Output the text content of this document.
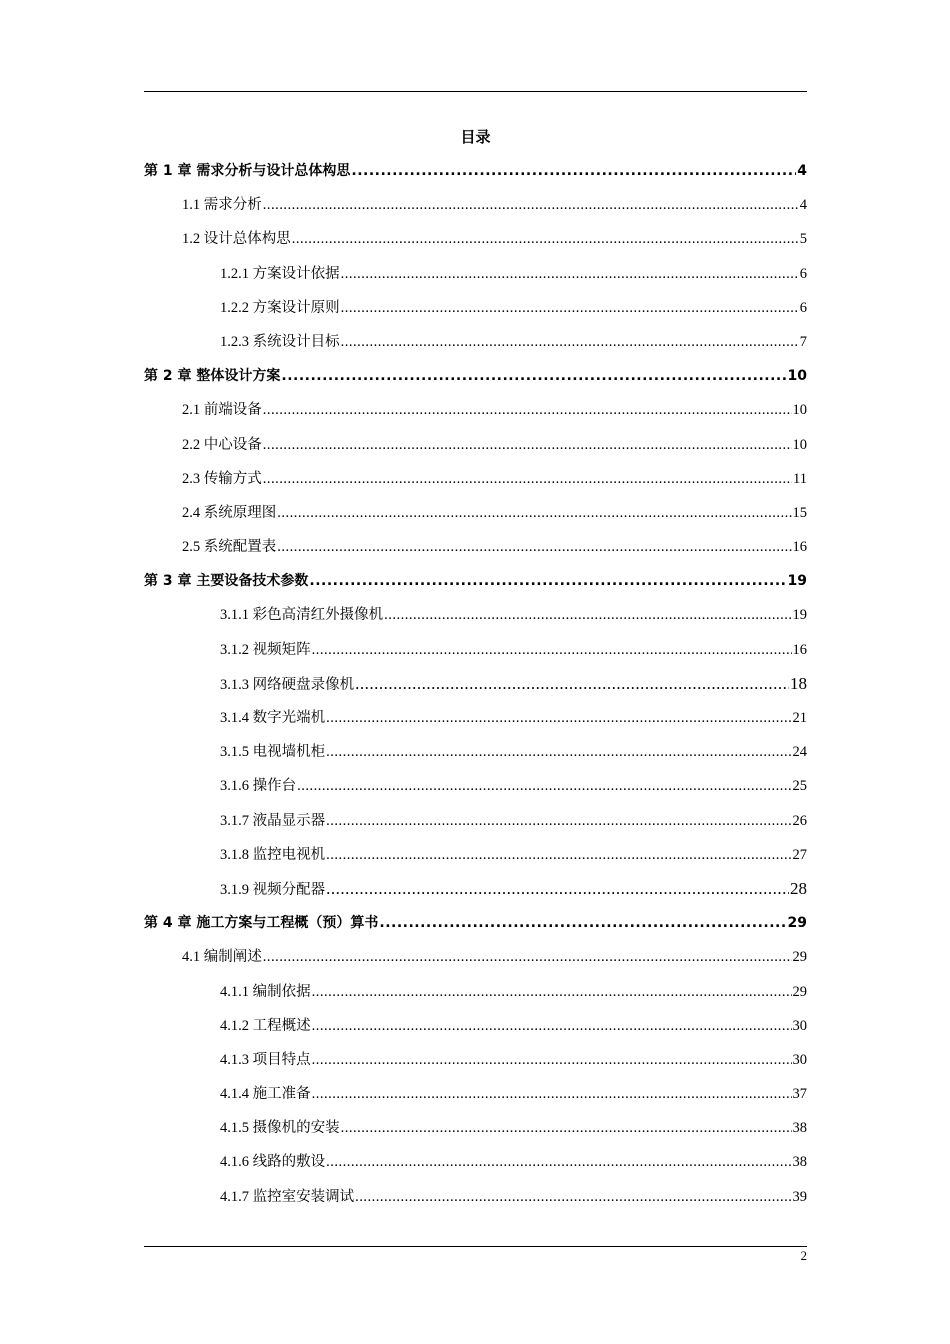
目录
第 1 章 需求分析与设计总体构思 .....	4
1.1 需求分析 .....	4
1.2 设计总体构思 .....	5
1.2.1 方案设计依据 .....	6
1.2.2 方案设计原则 .....	6
1.2.3 系统设计目标 .....	7
第 2 章 整体设计方案 .....	10
2.1 前端设备 .....	10
2.2 中心设备 .....	10
2.3 传输方式 .....	11
2.4 系统原理图 .....	15
2.5 系统配置表 .....	16
第 3 章 主要设备技术参数 .....	19
3.1.1 彩色高清红外摄像机 .....	19
3.1.2 视频矩阵 .....	16
3.1.3 网络硬盘录像机 .....	18
3.1.4 数字光端机 .....	21
3.1.5 电视墙机柜 .....	24
3.1.6 操作台 .....	25
3.1.7 液晶显示器 .....	26
3.1.8 监控电视机 .....	27
3.1.9 视频分配器 .....	28
第 4 章 施工方案与工程概（预）算书 .....	29
4.1 编制阐述 .....	29
4.1.1 编制依据 .....	29
4.1.2 工程概述 .....	30
4.1.3 项目特点 .....	30
4.1.4 施工准备 .....	37
4.1.5 摄像机的安装 .....	38
4.1.6 线路的敷设 .....	38
4.1.7 监控室安装调试 .....	39
2
